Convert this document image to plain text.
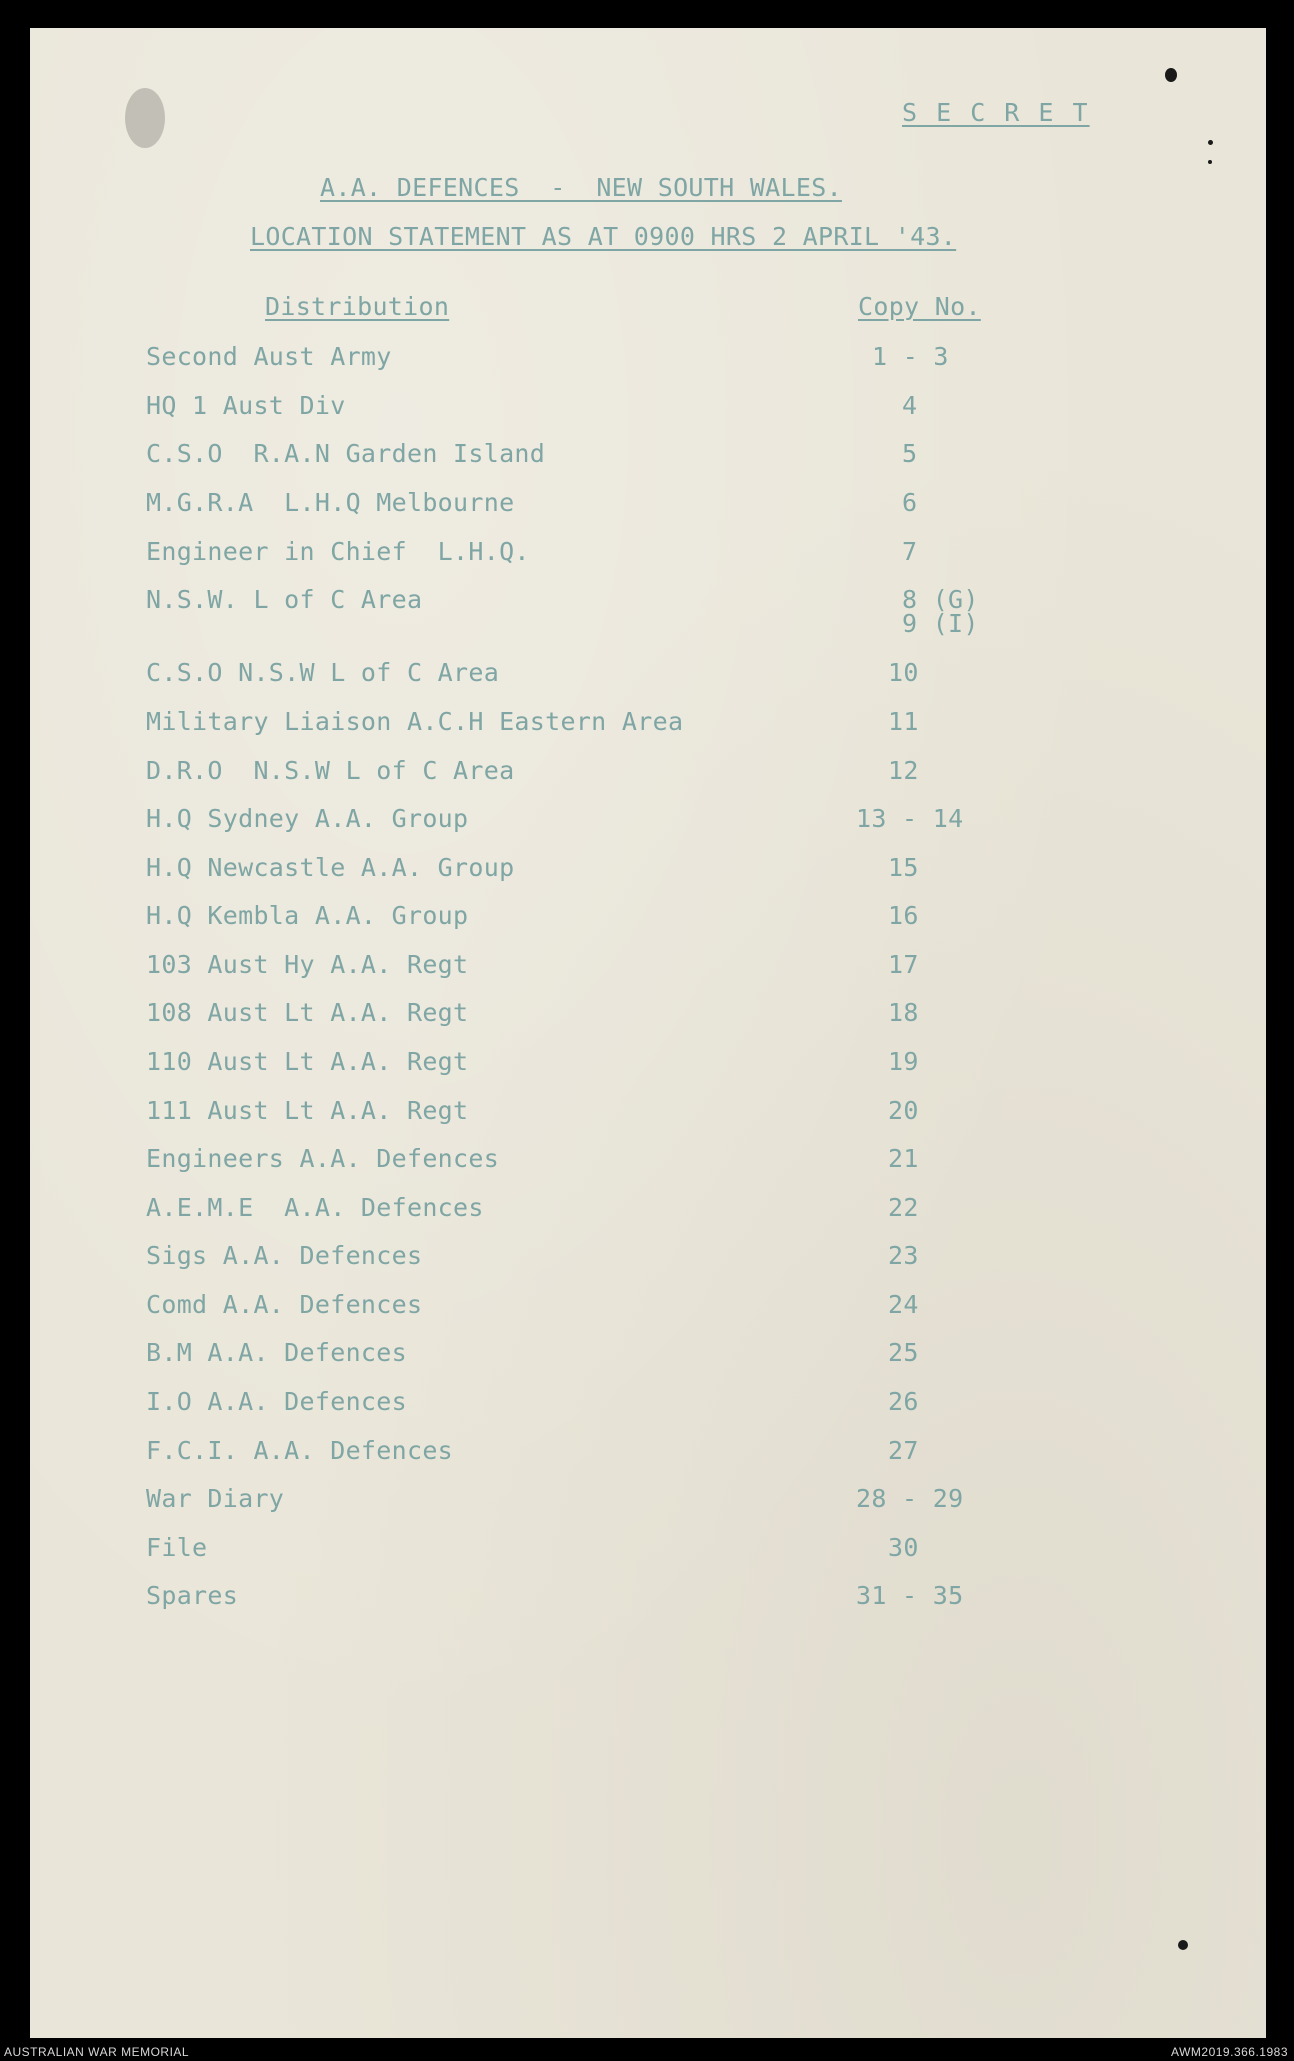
S E C R E T
A.A. DEFENCES  -  NEW SOUTH WALES.
LOCATION STATEMENT AS AT 0900 HRS 2 APRIL '43.
Distribution	Copy No.
Second Aust Army	1 - 3
HQ 1 Aust Div	4
C.S.O  R.A.N Garden Island	5
M.G.R.A  L.H.Q Melbourne	6
Engineer in Chief  L.H.Q.	7
N.S.W. L of C Area	8 (G)
9 (I)
C.S.O N.S.W L of C Area	10
Military Liaison A.C.H Eastern Area	11
D.R.O  N.S.W L of C Area	12
H.Q Sydney A.A. Group	13 - 14
H.Q Newcastle A.A. Group	15
H.Q Kembla A.A. Group	16
103 Aust Hy A.A. Regt	17
108 Aust Lt A.A. Regt	18
110 Aust Lt A.A. Regt	19
111 Aust Lt A.A. Regt	20
Engineers A.A. Defences	21
A.E.M.E  A.A. Defences	22
Sigs A.A. Defences	23
Comd A.A. Defences	24
B.M A.A. Defences	25
I.O A.A. Defences	26
F.C.I. A.A. Defences	27
War Diary	28 - 29
File	30
Spares	31 - 35
AUSTRALIAN WAR MEMORIAL	AWM2019.366.1983
